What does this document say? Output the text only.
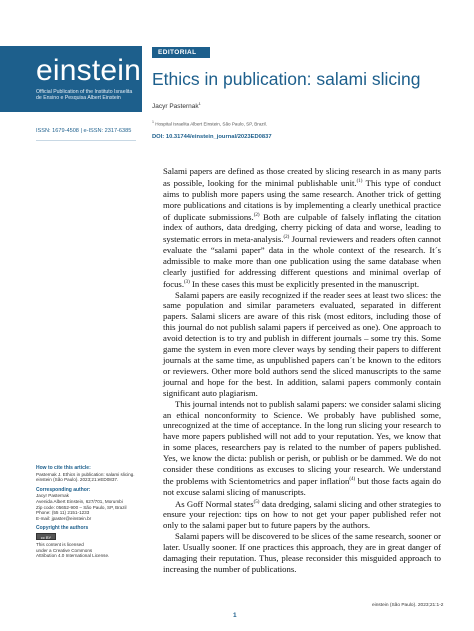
einstein
Official Publication of the Instituto Israelita
de Ensino e Pesquisa Albert Einstein
ISSN: 1679-4508 | e-ISSN: 2317-6385
How to cite this article:
Pasternak J. Ethics in publication: salami slicing. einstein (São Paulo). 2023;21:eED0837.
Corresponding author:
Jacyr Pasternak
Avenida Albert Einstein, 627/701, Morumbi
Zip code: 05652-900 – São Paulo, SP, Brazil
Phone: (55 11) 2151-1233
E-mail: jpaster@einstein.br
Copyright the authors
cc BY
This content is licensed
under a Creative Commons
Attribution 4.0 International License.
EDITORIAL
Ethics in publication: salami slicing
Jacyr Pasternak$^1$
$^1$ Hospital Israelita Albert Einstein, São Paulo, SP, Brazil.
DOI: 10.31744/einstein_journal/2023ED0837

Salami papers are defined as those created by slicing research in as many parts as possible, looking for the minimal publishable unit.$^{(1)}$ This type of conduct aims to publish more papers using the same research. Another trick of getting more publications and citations is by implementing a clearly unethical practice of duplicate submissions.$^{(2)}$ Both are culpable of falsely inflating the citation index of authors, data dredging, cherry picking of data and worse, leading to systematic errors in meta-analysis.$^{(2)}$ Journal reviewers and readers often cannot evaluate the “salami paper” data in the whole context of the research. It´s admissible to make more than one publication using the same database when clearly justified for addressing different questions and minimal overlap of focus.$^{(3)}$ In these cases this must be explicitly presented in the manuscript.

Salami papers are easily recognized if the reader sees at least two slices: the same population and similar parameters evaluated, separated in different papers. Salami slicers are aware of this risk (most editors, including those of this journal do not publish salami papers if perceived as one). One approach to avoid detection is to try and publish in different journals – some try this. Some game the system in even more clever ways by sending their papers to different journals at the same time, as unpublished papers can´t be known to the editors or reviewers. Other more bold authors send the sliced manuscripts to the same journal and hope for the best. In addition, salami papers commonly contain significant auto plagiarism.

This journal intends not to publish salami papers: we consider salami slicing an ethical nonconformity to Science. We probably have published some, unrecognized at the time of acceptance. In the long run slicing your research to have more papers published will not add to your reputation. Yes, we know that in some places, researchers pay is related to the number of papers published. Yes, we know the dicta: publish or perish, or publish or be dammed. We do not consider these conditions as excuses to slicing your research. We understand the problems with Scientometrics and paper inflation$^{(4)}$ but those facts again do not excuse salami slicing of manuscripts.

As Goff Normal states$^{(5)}$ data dredging, salami slicing and other strategies to ensure your rejection: tips on how to not get your paper published refer not only to the salami paper but to future papers by the authors.

Salami papers will be discovered to be slices of the same research, sooner or later. Usually sooner. If one practices this approach, they are in great danger of damaging their reputation. Thus, please reconsider this misguided approach to increasing the number of publications.

1
einstein (São Paulo). 2023;21:1-2
